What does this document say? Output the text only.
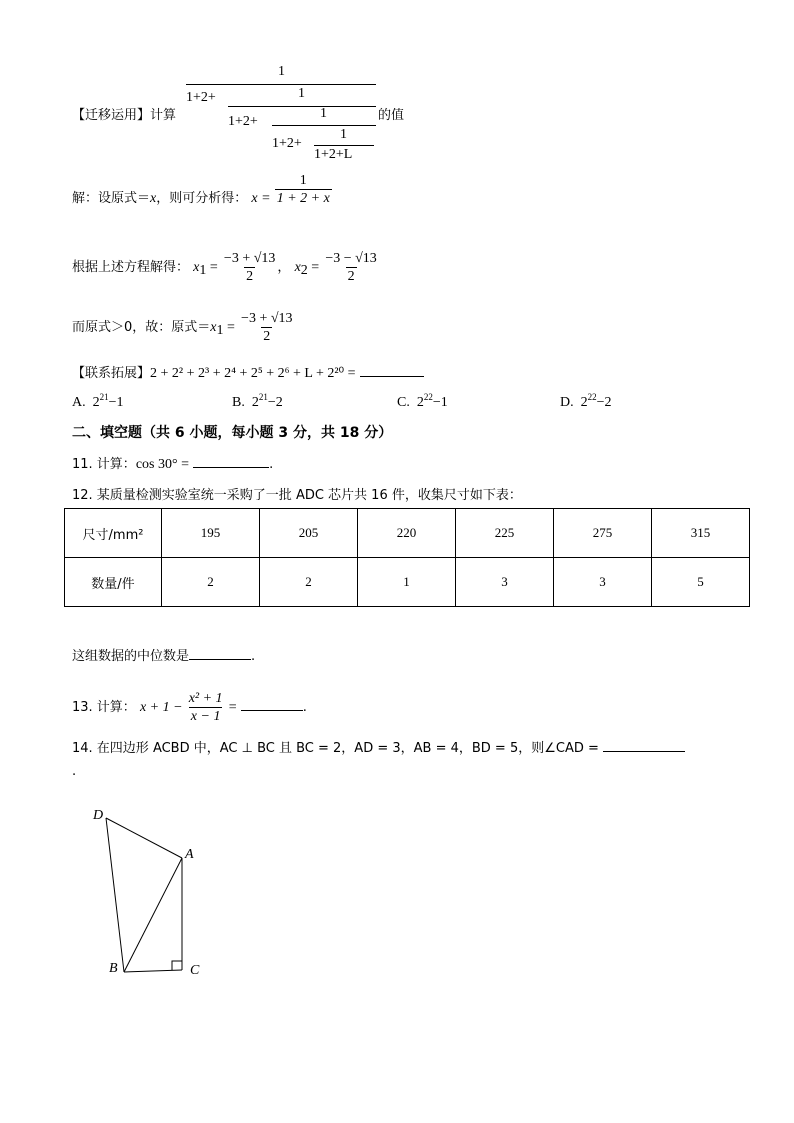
【迁移运用】计算
1
1+2+	1
1+2+
1
1+2+
1
1+2+L
的值
解：设原式＝x，则可分析得： $x = \frac{1}{1 + 2 + x}$
根据上述方程解得： $x_1 = \frac{-3 + √13}{2}$ ， $x_2 = \frac{-3 - √13}{2}$
而原式＞0，故：原式$=x_1 = \frac{-3 + √13}{2}$
【联系拓展】2 + 2² + 2³ + 2⁴ + 2⁵ + 2⁶ + L + 2²⁰ =
A. $2^{21}-1$	B. $2^{21}-2$	C. $2^{22}-1$	D. $2^{22}-2$
二、填空题（共 6 小题，每小题 3 分，共 18 分）
11. 计算：cos 30° =	.
12. 某质量检测实验室统一采购了一批 ADC 芯片共 16 件，收集尺寸如下表：
尺寸/mm²	195	205	220	225	275	315
数量/件	2	2	1	3	3	5
这组数据的中位数是	.
13. 计算： $x + 1 - \frac{\text{x² + 1}}{x - 1}$ =	.
14. 在四边形 ACBD 中，AC ⊥ BC 且 BC = 2，AD = 3，AB = 4，BD = 5，则∠CAD =
.
D
A
B	C
